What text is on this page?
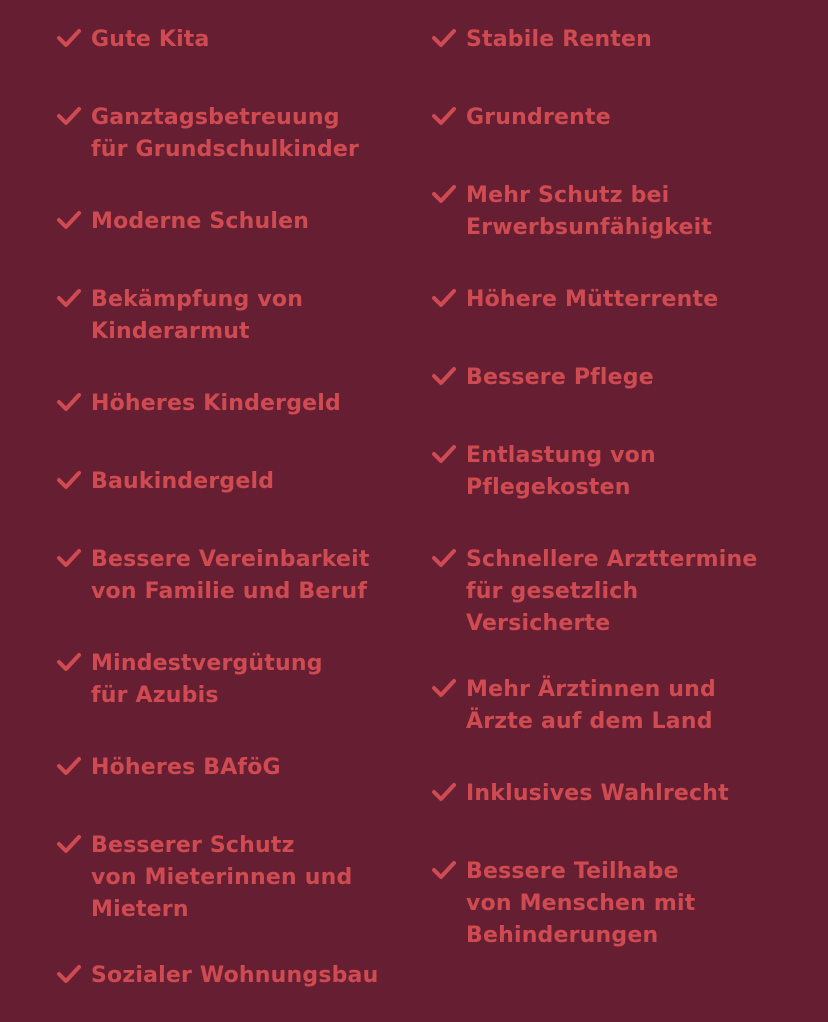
Gute Kita
Ganztagsbetreuung
für Grundschulkinder
Moderne Schulen
Bekämpfung von
Kinderarmut
Höheres Kindergeld
Baukindergeld
Bessere Vereinbarkeit
von Familie und Beruf
Mindestvergütung
für Azubis
Höheres BAföG
Besserer Schutz
von Mieterinnen und
Mietern
Sozialer Wohnungsbau
Stabile Renten
Grundrente
Mehr Schutz bei
Erwerbsunfähigkeit
Höhere Mütterrente
Bessere Pflege
Entlastung von
Pflegekosten
Schnellere Arzttermine
für gesetzlich
Versicherte
Mehr Ärztinnen und
Ärzte auf dem Land
Inklusives Wahlrecht
Bessere Teilhabe
von Menschen mit
Behinderungen
